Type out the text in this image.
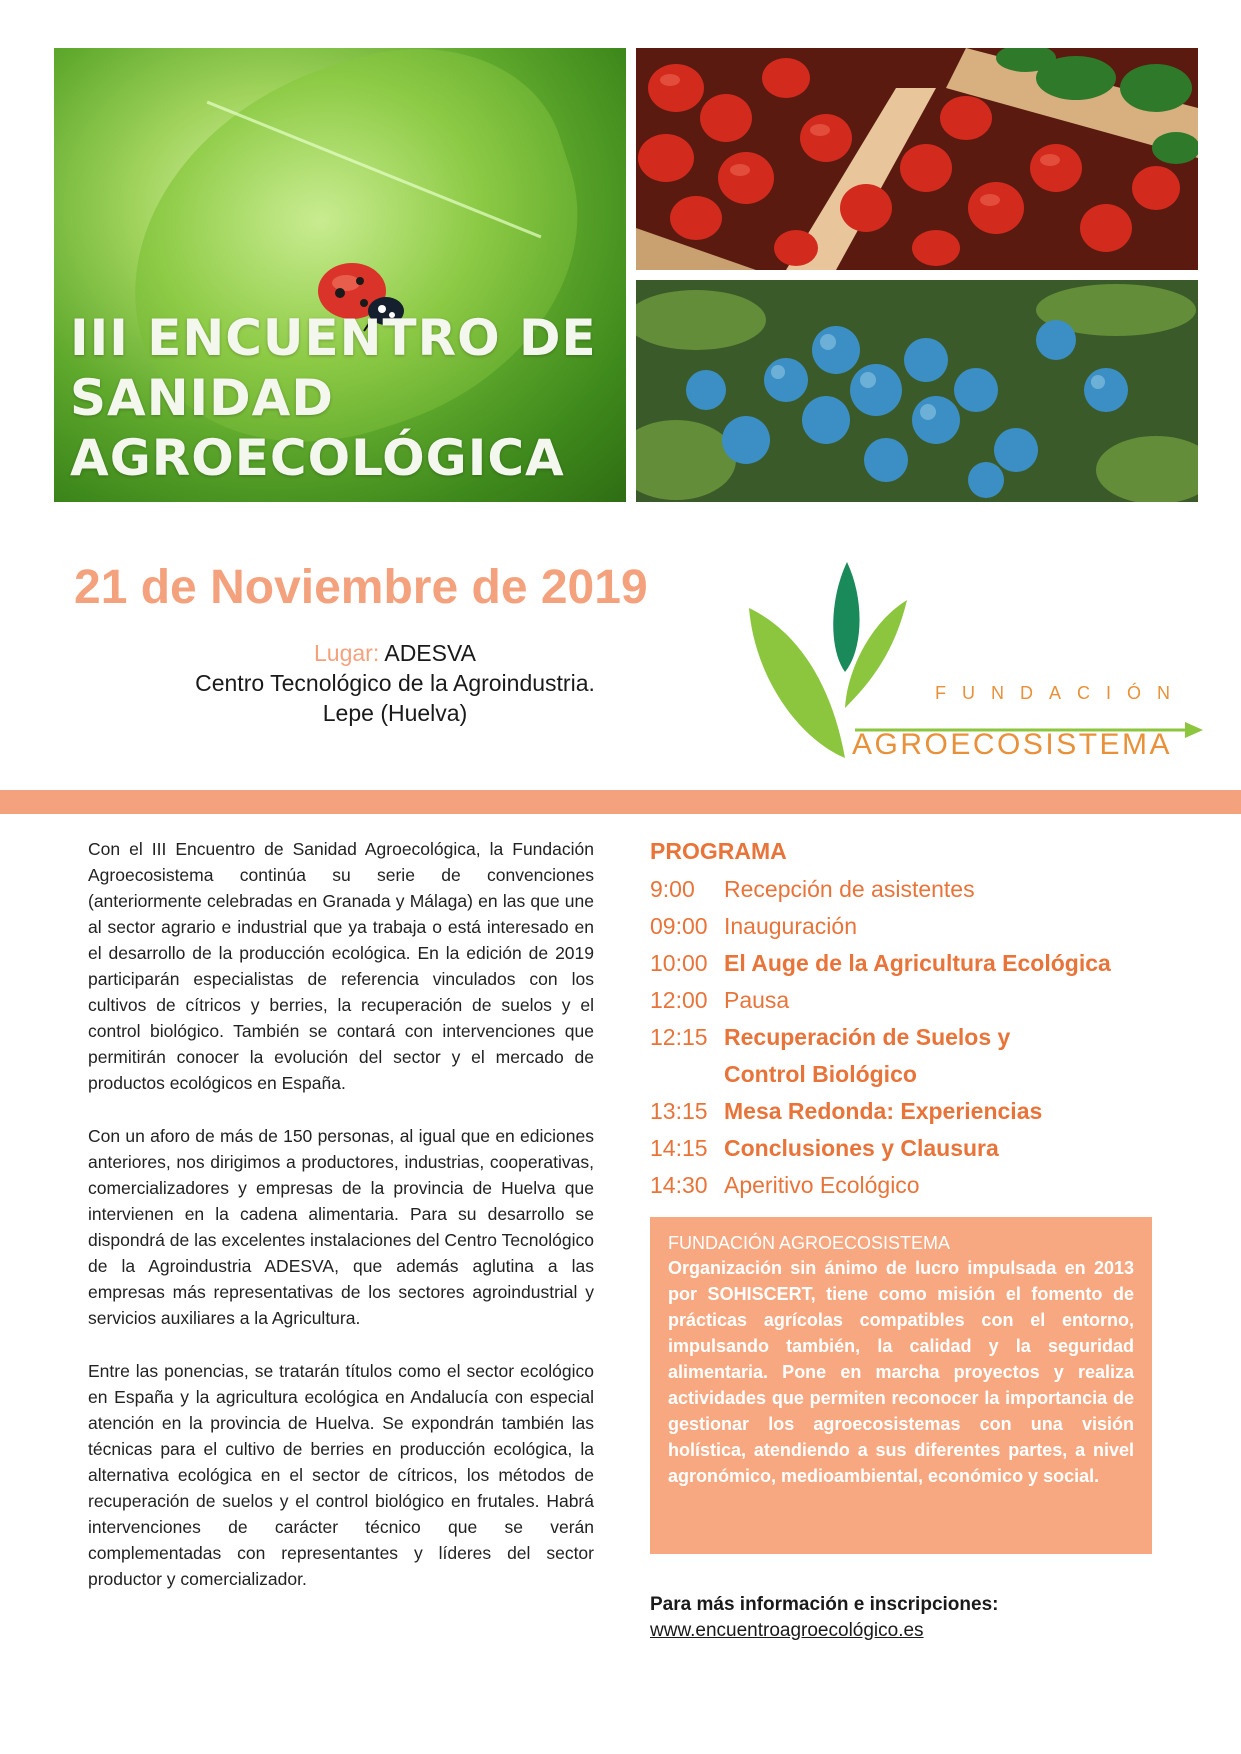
III ENCUENTRO DE
SANIDAD
AGROECOLÓGICA
21 de Noviembre de 2019
Lugar: ADESVA
Centro Tecnológico de la Agroindustria.
Lepe (Huelva)
FUNDACIÓN
AGROECOSISTEMA

Con el III Encuentro de Sanidad Agroecológica, la Fundación Agroecosistema continúa su serie de convenciones (anteriormente celebradas en Granada y Málaga) en las que une al sector agrario e industrial que ya trabaja o está interesado en el desarrollo de la producción ecológica. En la edición de 2019 participarán especialistas de referencia vinculados con los cultivos de cítricos y berries, la recuperación de suelos y el control biológico. También se contará con intervenciones que permitirán conocer la evolución del sector y el mercado de productos ecológicos en España.

Con un aforo de más de 150 personas, al igual que en ediciones anteriores, nos dirigimos a productores, industrias, cooperativas, comercializadores y empresas de la provincia de Huelva que intervienen en la cadena alimentaria. Para su desarrollo se dispondrá de las excelentes instalaciones del Centro Tecnológico de la Agroindustria ADESVA, que además aglutina a las empresas más representativas de los sectores agroindustrial y servicios auxiliares a la Agricultura.

Entre las ponencias, se tratarán títulos como el sector ecológico en España y la agricultura ecológica en Andalucía con especial atención en la provincia de Huelva. Se expondrán también las técnicas para el cultivo de berries en producción ecológica, la alternativa ecológica en el sector de cítricos, los métodos de recuperación de suelos y el control biológico en frutales. Habrá intervenciones de carácter técnico que se verán complementadas con representantes y líderes del sector productor y comercializador.

PROGRAMA
9:00	Recepción de asistentes
09:00 Inauguración
10:00 El Auge de la Agricultura Ecológica
12:00 Pausa
12:15 Recuperación de Suelos y
Control Biológico
13:15 Mesa Redonda: Experiencias
14:15 Conclusiones y Clausura
14:30 Aperitivo Ecológico
FUNDACIÓN AGROECOSISTEMA
Organización sin ánimo de lucro impulsada en 2013 por SOHISCERT, tiene como misión el fomento de prácticas agrícolas compatibles con el entorno, impulsando también, la calidad y la seguridad alimentaria. Pone en marcha proyectos y realiza actividades que permiten reconocer la importancia de gestionar los agroecosistemas con una visión holística, atendiendo a sus diferentes partes, a nivel agronómico, medioambiental, económico y social.
Para más información e inscripciones:
www.encuentroagroecológico.es
